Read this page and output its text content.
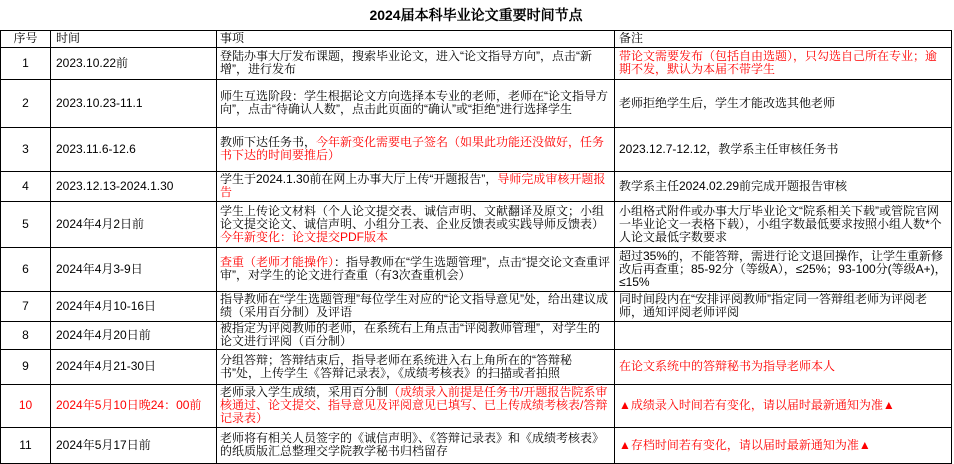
2024届本科毕业论文重要时间节点			

序号	时间	事项	备注

1	2023.10.22前	登陆办事大厅发布课题，搜索毕业论文，进入“论文指导方向”，点击“新增”，进行发布	带论文需要发布（包括自由选题），只勾选自己所在专业；逾期不发，默认为本届不带学生

2	2023.10.23-11.1	师生互选阶段：学生根据论文方向选择本专业的老师，老师在“论文指导方向”，点击“待确认人数”，点击此页面的“确认”或“拒绝”进行选择学生	老师拒绝学生后，学生才能改选其他老师

3	2023.11.6-12.6	教师下达任务书，今年新变化需要电子签名（如果此功能还没做好，任务书下达的时间要推后）	2023.12.7-12.12，教学系主任审核任务书

4	2023.12.13-2024.1.30	学生于2024.1.30前在网上办事大厅上传“开题报告”，导师完成审核开题报告	教学系主任2024.02.29前完成开题报告审核

5	2024年4月2日前	学生上传论文材料（个人论文提交表、诚信声明、文献翻译及原文；小组论文提交论文、诚信声明、小组分工表、企业反馈表或实践导师反馈表）今年新变化：论文提交PDF版本	小组格式附件或办事大厅毕业论文“院系相关下载”或管院官网一毕业论文一表格下载），小组字数最低要求按照小组人数*个人论文最低字数要求

6	2024年4月3-9日	查重（老师才能操作）：指导教师在“学生选题管理”，点击“提交论文查重评审”，对学生的论文进行查重（有3次查重机会）	超过35%的，不能答辩，需进行论文退回操作，让学生重新修改后再查重；85-92分（等级A），≤25%；93-100分(等级A+)，≤15%

7	2024年4月10-16日	指导教师在“学生选题管理”每位学生对应的“论文指导意见”处，给出建议成绩（采用百分制）及评语	同时间段内在“安排评阅教师”指定同一答辩组老师为评阅老师，通知评阅老师评阅

8	2024年4月20日前	被指定为评阅教师的老师，在系统右上角点击“评阅教师管理”，对学生的论文进行评阅（百分制）	

9	2024年4月21-30日	分组答辩；答辩结束后，指导老师在系统进入右上角所在的“答辩秘书”处，上传学生《答辩记录表》，《成绩考核表》的扫描或者拍照	在论文系统中的答辩秘书为指导老师本人

10	2024年5月10日晚24：00前	老师录入学生成绩，采用百分制（成绩录入前提是任务书/开题报告院系审核通过、论文提交、指导意见及评阅意见已填写、已上传成绩考核表/答辩记录表）	▲成绩录入时间若有变化，请以届时最新通知为准▲

11	2024年5月17日前	老师将有相关人员签字的《诚信声明》、《答辩记录表》和《成绩考核表》的纸质版汇总整理交学院教学秘书归档留存	▲存档时间若有变化，请以届时最新通知为准▲
